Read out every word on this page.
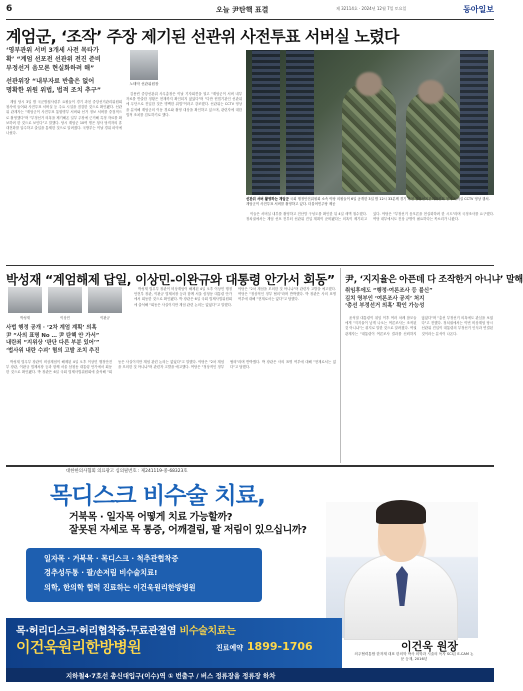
6	오늘 尹탄핵 표결	제 32114호 · 2024년 12월 7일 토요일	동아일보
계엄군, ‘조작’ 주장 제기된 선관위 사전투표 서버실 노렸다
‘영부관위 서버 3개세 사전 목타가
확’ “계엄 선포전 선관위 전진 준비
부정선거 음모론 현실화하려 해”
선관위장 “내부자료 반출은 없어
명확한 위원 위법, 법적 조치 추구”
노태악 선관위원장

계엄 당시 3일 밤 국군방첩사령부 요원들이 경기 과천 중앙선거관리위원회 청사에 들어와 사전투표 서버실 등 주요 시설을 점검한 것으로 확인됐다. 선관위 관계자는 "계엄군이 사전투표 통합명부 서버와 선거 정보 서버를 중점적으로 촬영했다"며 "부정선거 의혹을 제기해온 일부 주장에 근거해 특정 자료를 확보하려 한 것으로 보인다"고 말했다. 당시 계엄군 10여 명은 청사 당직자의 휴대전화를 압수하고 출입을 통제한 것으로 알려졌다. 국방부는 이날 경위 파악에 나섰다.

김용빈 중앙선관위 사무총장은 이날 기자회견을 열고 "계엄군이 서버 내부 자료를 반출한 정황은 현재까지 확인되지 않았다"며 "다만 헌법기관인 선관위에 무단으로 진입한 것은 명백한 위법"이라고 강조했다. 선관위는 CCTV 영상을 분석해 계엄군의 이동 경로와 촬영 대상을 확인하고 있으며, 관련자에 대한 법적 조치를 검토하기로 했다.

선관위 서버 촬영하는 계엄군 국회 행정안전위원회 소속 야당 의원들이 6일 공개한 3일 밤 12시 33분께 경기 과천 중앙선거관리위원회 청사 서버실 CCTV 영상 캡처. 계엄군이 사전투표 서버를 촬영하고 있다. 더불어민주당 제공

이들은 서버실 내부를 촬영하고 전산망 구성도를 확인한 뒤 4일 새벽 철수했다. 정치권에서는 계엄 선포 전부터 선관위 진입 계획이 준비됐다는 의혹이 제기되고 있다. 야당은 "부정선거 음모론을 현실화하려 한 시도"라며 국정조사를 요구했다. 여당 내부에서도 진상 규명이 필요하다는 목소리가 나왔다.

박성재 “계엄해제 답일, 이상민-이완규와 대통령 안가서 회동” 尹, ‘지지율은 아픈데 다 조작한거 아니냐’ 말해
박성재	이상민	이완규
사법 행정 공개 · ‘2차 계엄 계획’ 의혹
尹 “사의 표명 No … 尹 탄핵 안 가서”
내란죄 “지위상 ‘판단 다른 부분 있어’”
‘법사위 내란 수괴’ 혐의 고발 조치 추진

박성재 법무부 장관이 비상계엄이 해제된 4일 오후 이상민 행정안전부 장관, 이완규 법제처장 등과 함께 서울 삼청동 대통령 안가에서 회동한 것으로 확인됐다. 박 장관은 6일 국회 법제사법위원회에 출석해 "회동은 사실이지만 계엄 관련 논의는 없었다"고 말했다. 야당은 "2차 계엄을 모의한 것 아니냐"며 관련자 고발을 예고했다. 여당은 "정상적인 정부 협의"라며 반박했다. 박 장관은 사의 표명 여부에 대해 "현재로서는 없다"고 답했다.

박성재 법무부 장관이 비상계엄이 해제된 4일 오후 이상민 행정안전부 장관, 이완규 법제처장 등과 함께 서울 삼청동 대통령 안가에서 회동한 것으로 확인됐다. 박 장관은 6일 국회 법제사법위원회에 출석해 "회동은 사실이지만 계엄 관련 논의는 없었다"고 말했다. 야당은 "2차 계엄을 모의한 것 아니냐"며 관련자 고발을 예고했다. 여당은 "정상적인 정부 협의"라며 반박했다. 박 장관은 사의 표명 여부에 대해 "현재로서는 없다"고 답했다.

취임후에도 “행정·여론조사 등 불신”
김치 영부인 ‘여론조사 공지’ 처지
‘총선 부정선거 의혹’ 확인 가능성

윤석열 대통령이 취임 이후 여러 차례 참모들에게 "지지율이 낮게 나오는 여론조사는 조작된 것 아니냐"는 취지로 말한 것으로 알려졌다. 여권 관계자는 "대통령이 여론조사 결과를 신뢰하지 않았다"며 "총선 부정선거 의혹에도 관심을 보였다"고 전했다. 정치권에서는 이번 비상계엄 당시 선관위 진입이 대통령의 부정선거 인식과 연결된 것이라는 분석이 나온다.

대한한의사협회 의료광고 심의필번호 : 제241119-중-68323호
목디스크 비수술 치료,
거북목 · 일자목 어떻게 치료 가능할까?
잘못된 자세로 목 통증, 어깨결림, 팔 저림이 있으십니까?
일자목 · 거북목 · 목디스크 · 척추관협착증
경추성두통 · 팔/손저림 비수술치료!
의학, 한의학 협력 진료하는 이건욱원리한방병원
이건욱 원장
의주협력통합 한자재 대표 한의학 박사 의학과 시술의 독자 SCI급 E-CAM 논문 등재, 2016년
목·허리디스크·허리협착증·무료관절염 비수술치료는
이건욱원리한방병원	진료예약 1899-1706
지하철4·7호선 총신대입구(이수)역 ① 번출구 / 버스 정류장을 정류장 하차
